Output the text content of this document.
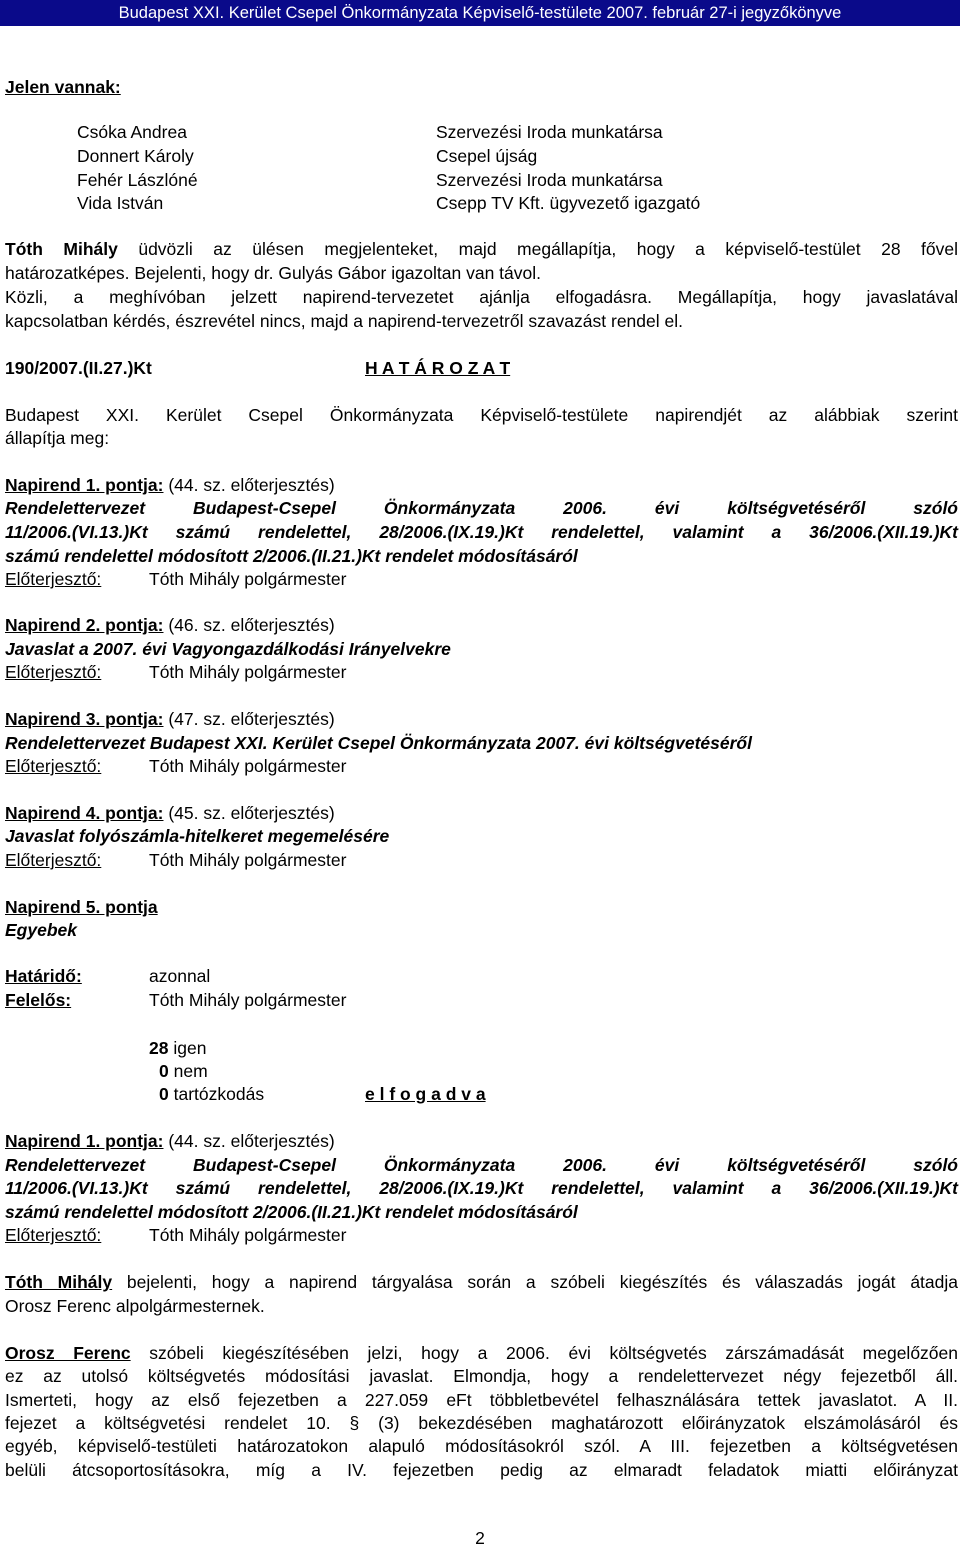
Budapest XXI. Kerület Csepel Önkormányzata Képviselő-testülete 2007. február 27-i jegyzőkönyve
Jelen vannak:
Csóka Andrea	Szervezési Iroda munkatársa
Donnert Károly	Csepel újság
Fehér Lászlóné	Szervezési Iroda munkatársa
Vida István	Csepp TV Kft. ügyvezető igazgató
Tóth Mihály üdvözli az ülésen megjelenteket, majd megállapítja, hogy a képviselő-testület 28 fővel
határozatképes. Bejelenti, hogy dr. Gulyás Gábor igazoltan van távol.
Közli, a meghívóban jelzett napirend-tervezetet ajánlja elfogadásra. Megállapítja, hogy javaslatával
kapcsolatban kérdés, észrevétel nincs, majd a napirend-tervezetről szavazást rendel el.
190/2007.(II.27.)Kt	H A T Á R O Z A T
Budapest XXI. Kerület Csepel Önkormányzata Képviselő-testülete napirendjét az alábbiak szerint
állapítja meg:
Napirend 1. pontja: (44. sz. előterjesztés)
Rendelettervezet Budapest-Csepel Önkormányzata 2006. évi költségvetéséről szóló
11/2006.(VI.13.)Kt számú rendelettel, 28/2006.(IX.19.)Kt rendelettel, valamint a 36/2006.(XII.19.)Kt
számú rendelettel módosított 2/2006.(II.21.)Kt rendelet módosításáról
Előterjesztő:	Tóth Mihály polgármester
Napirend 2. pontja: (46. sz. előterjesztés)
Javaslat a 2007. évi Vagyongazdálkodási Irányelvekre
Előterjesztő:	Tóth Mihály polgármester
Napirend 3. pontja: (47. sz. előterjesztés)
Rendelettervezet Budapest XXI. Kerület Csepel Önkormányzata 2007. évi költségvetéséről
Előterjesztő:	Tóth Mihály polgármester
Napirend 4. pontja: (45. sz. előterjesztés)
Javaslat folyószámla-hitelkeret megemelésére
Előterjesztő:	Tóth Mihály polgármester
Napirend 5. pontja
Egyebek
Határidő:	azonnal
Felelős:	Tóth Mihály polgármester
28 igen
0 nem
0 tartózkodás	e l f o g a d v a
Napirend 1. pontja: (44. sz. előterjesztés)
Rendelettervezet Budapest-Csepel Önkormányzata 2006. évi költségvetéséről szóló
11/2006.(VI.13.)Kt számú rendelettel, 28/2006.(IX.19.)Kt rendelettel, valamint a 36/2006.(XII.19.)Kt
számú rendelettel módosított 2/2006.(II.21.)Kt rendelet módosításáról
Előterjesztő:	Tóth Mihály polgármester
Tóth Mihály bejelenti, hogy a napirend tárgyalása során a szóbeli kiegészítés és válaszadás jogát átadja
Orosz Ferenc alpolgármesternek.
Orosz Ferenc szóbeli kiegészítésében jelzi, hogy a 2006. évi költségvetés zárszámadását megelőzően
ez az utolsó költségvetés módosítási javaslat. Elmondja, hogy a rendelettervezet négy fejezetből áll.
Ismerteti, hogy az első fejezetben a 227.059 eFt többletbevétel felhasználására tettek javaslatot. A II.
fejezet a költségvetési rendelet 10. § (3) bekezdésében maghatározott előirányzatok elszámolásáról és
egyéb, képviselő-testületi határozatokon alapuló módosításokról szól. A III. fejezetben a költségvetésen
belüli átcsoportosításokra, míg a IV. fejezetben pedig az elmaradt feladatok miatti előirányzat
2
